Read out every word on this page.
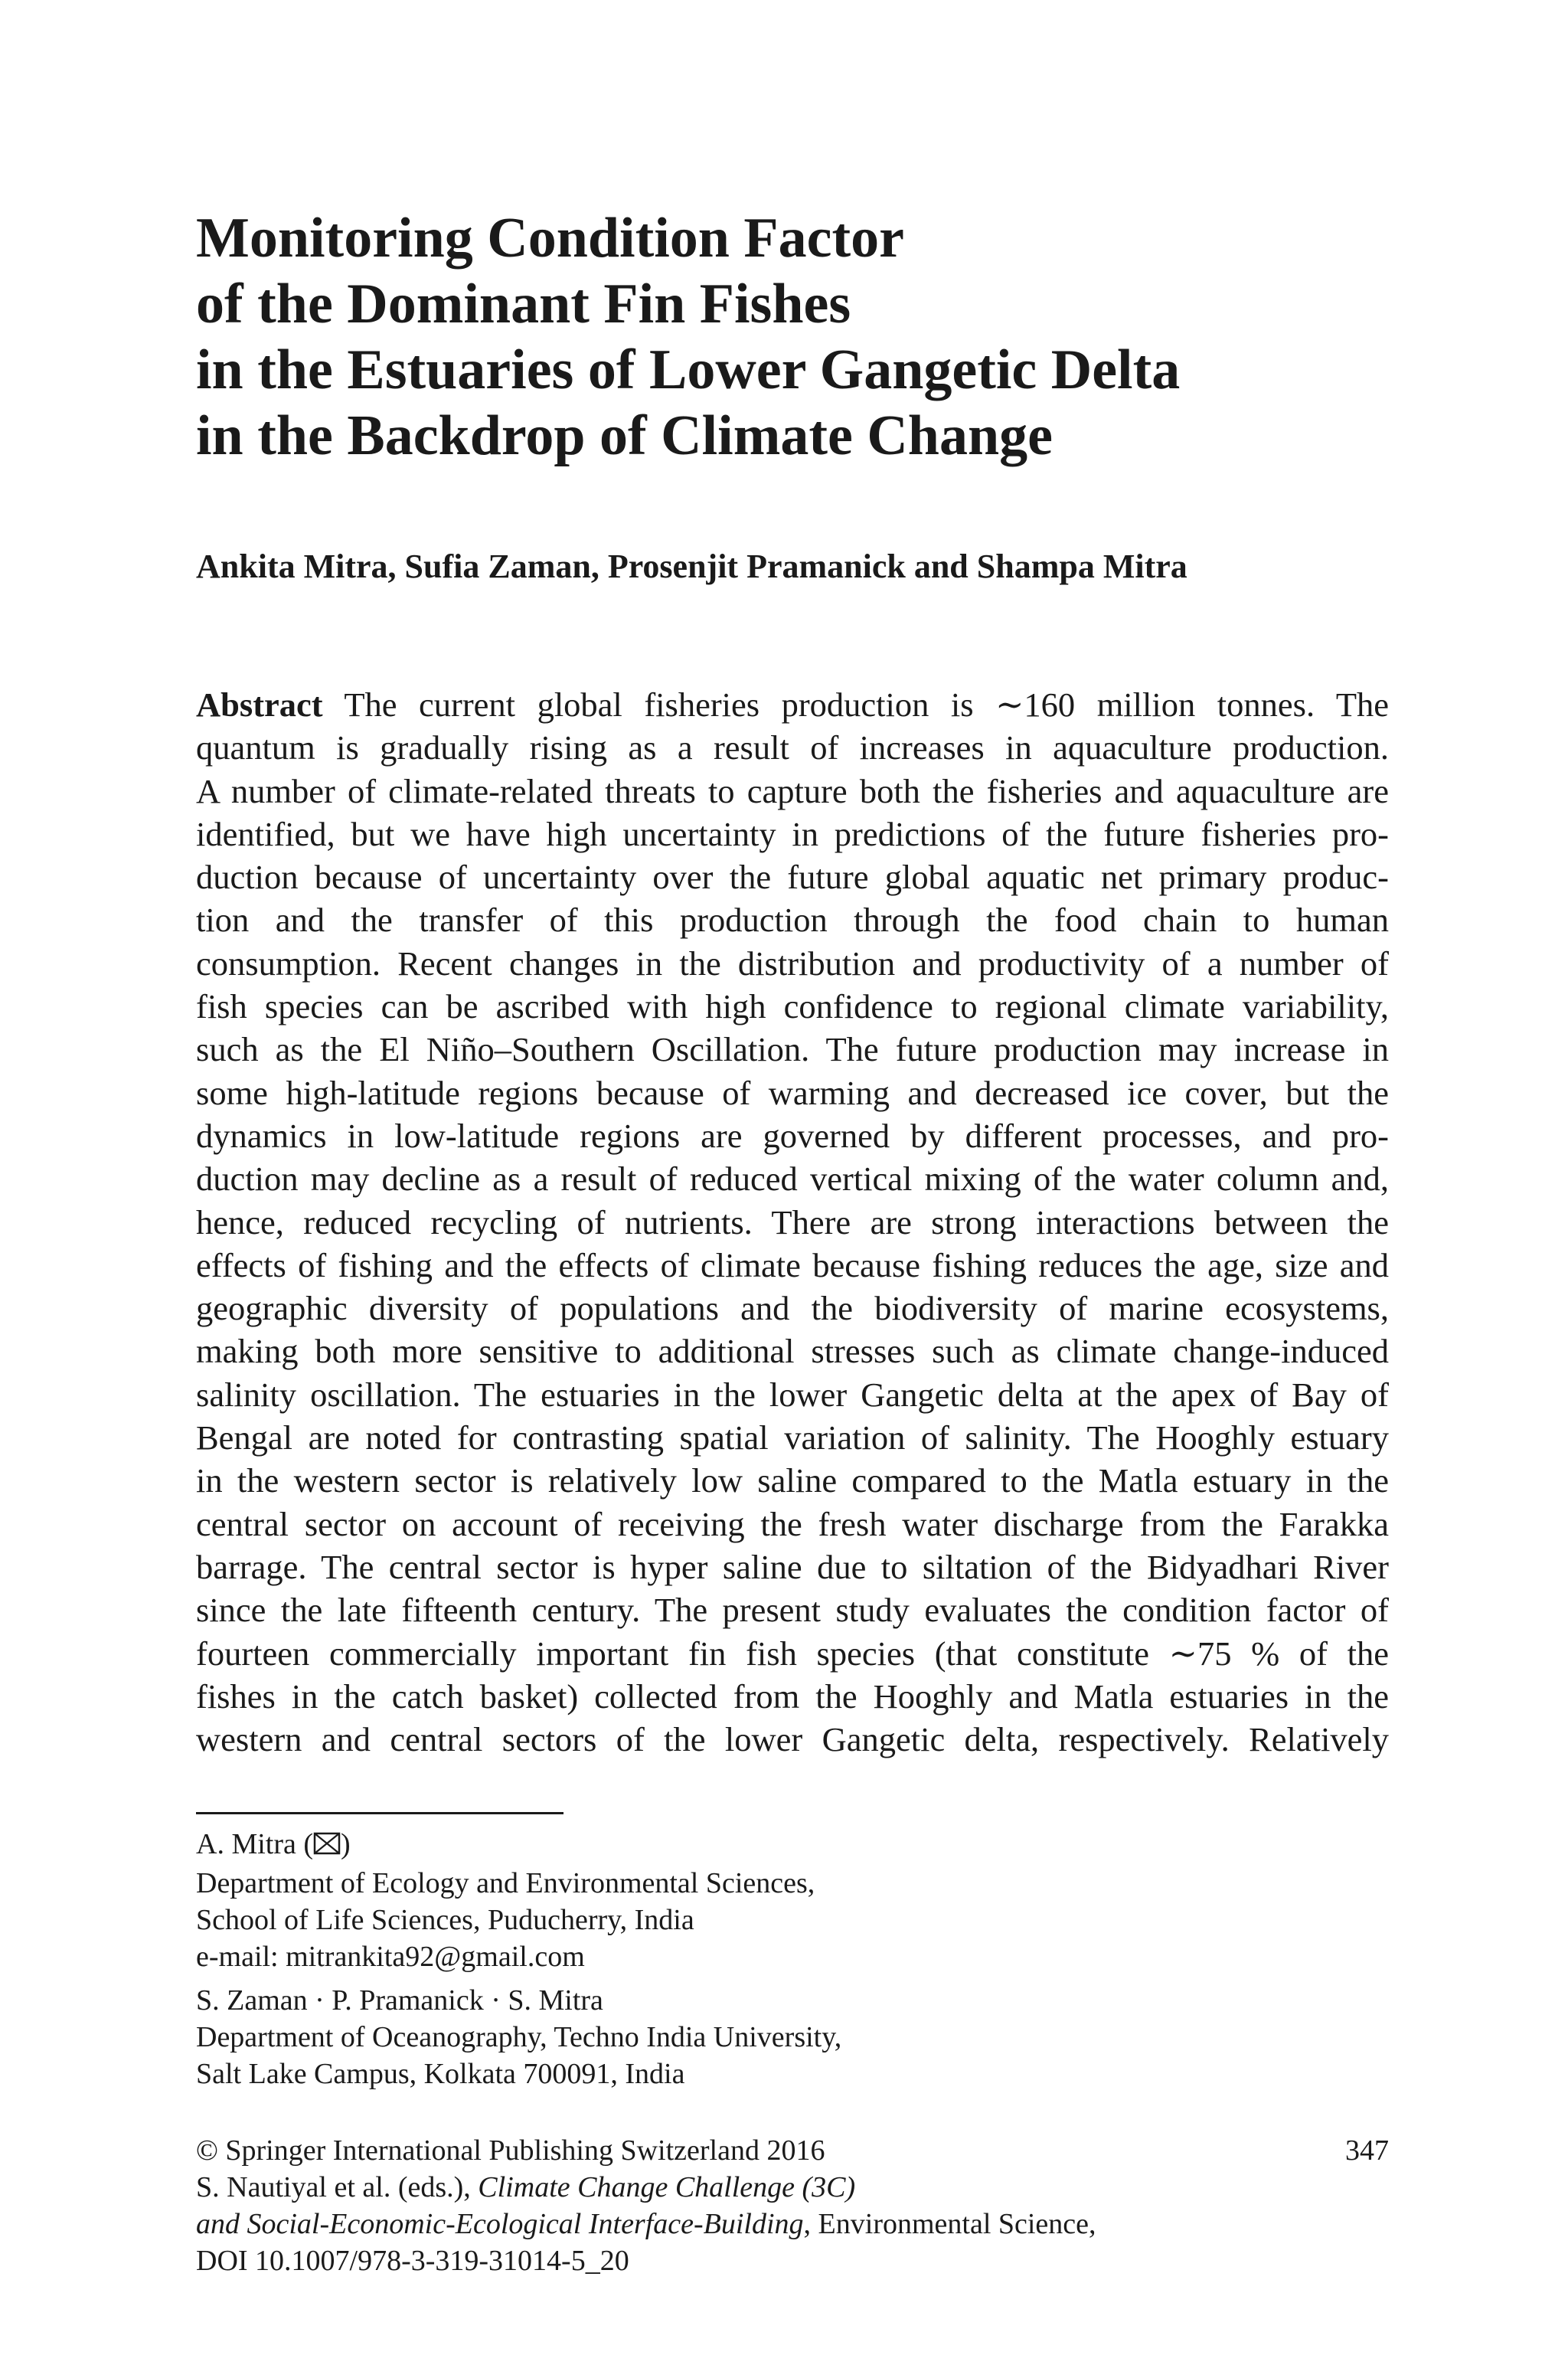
Monitoring Condition Factor
of the Dominant Fin Fishes
in the Estuaries of Lower Gangetic Delta
in the Backdrop of Climate Change

Ankita Mitra, Sufia Zaman, Prosenjit Pramanick and Shampa Mitra

Abstract The current global fisheries production is ∼160 million tonnes. The
quantum is gradually rising as a result of increases in aquaculture production.
A number of climate-related threats to capture both the fisheries and aquaculture are
identified, but we have high uncertainty in predictions of the future fisheries pro-
duction because of uncertainty over the future global aquatic net primary produc-
tion and the transfer of this production through the food chain to human
consumption. Recent changes in the distribution and productivity of a number of
fish species can be ascribed with high confidence to regional climate variability,
such as the El Niño–Southern Oscillation. The future production may increase in
some high-latitude regions because of warming and decreased ice cover, but the
dynamics in low-latitude regions are governed by different processes, and pro-
duction may decline as a result of reduced vertical mixing of the water column and,
hence, reduced recycling of nutrients. There are strong interactions between the
effects of fishing and the effects of climate because fishing reduces the age, size and
geographic diversity of populations and the biodiversity of marine ecosystems,
making both more sensitive to additional stresses such as climate change-induced
salinity oscillation. The estuaries in the lower Gangetic delta at the apex of Bay of
Bengal are noted for contrasting spatial variation of salinity. The Hooghly estuary
in the western sector is relatively low saline compared to the Matla estuary in the
central sector on account of receiving the fresh water discharge from the Farakka
barrage. The central sector is hyper saline due to siltation of the Bidyadhari River
since the late fifteenth century. The present study evaluates the condition factor of
fourteen commercially important fin fish species (that constitute ∼75 % of the
fishes in the catch basket) collected from the Hooghly and Matla estuaries in the
western and central sectors of the lower Gangetic delta, respectively. Relatively
A. Mitra ( )
Department of Ecology and Environmental Sciences,
School of Life Sciences, Puducherry, India
e-mail: mitrankita92@gmail.com
S. Zaman · P. Pramanick · S. Mitra
Department of Oceanography, Techno India University,
Salt Lake Campus, Kolkata 700091, India
© Springer International Publishing Switzerland 2016
S. Nautiyal et al. (eds.), Climate Change Challenge (3C)
and Social-Economic-Ecological Interface-Building, Environmental Science,
DOI 10.1007/978-3-319-31014-5_20
347
